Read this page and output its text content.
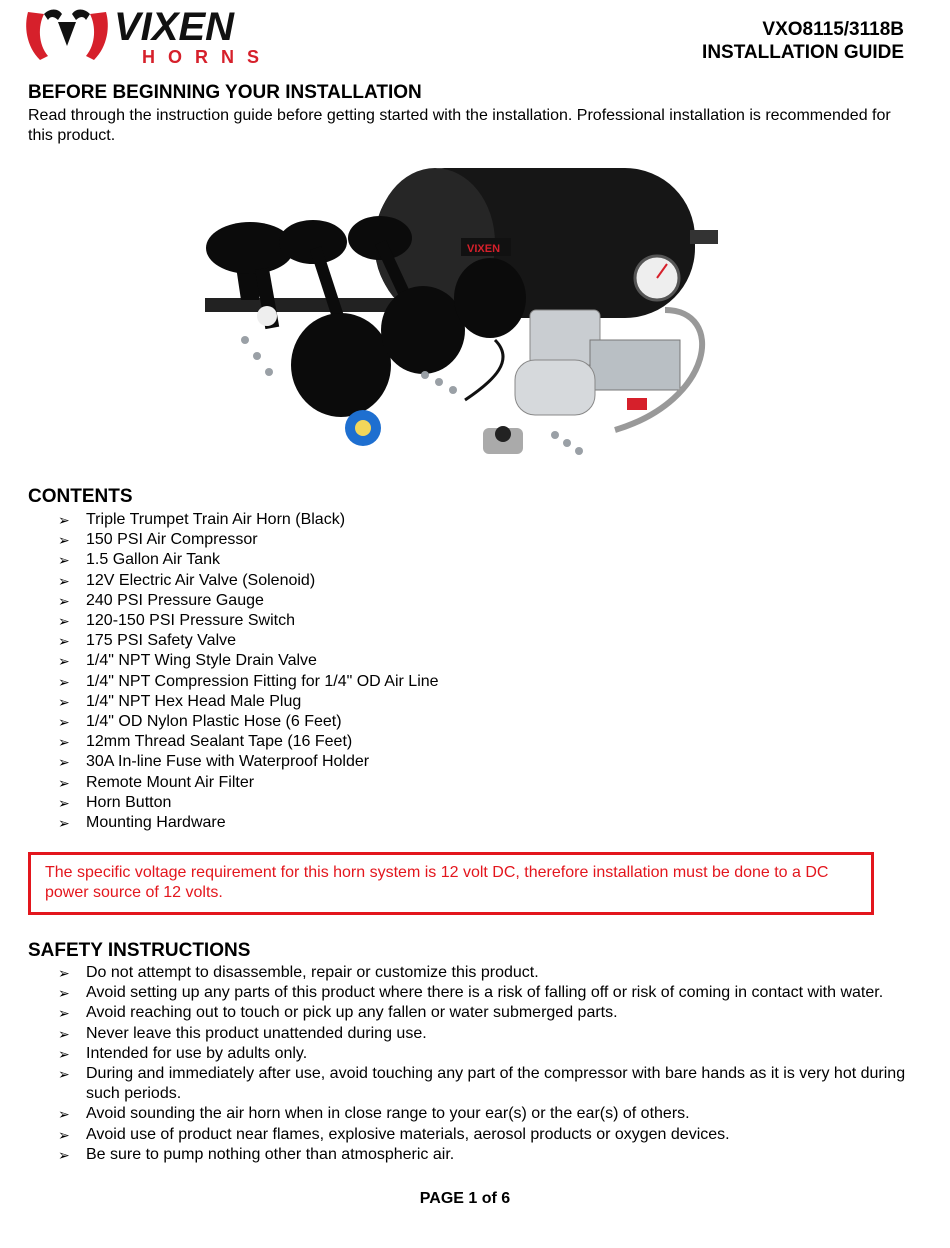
VIXEN
HORNS
VXO8115/3118B
INSTALLATION GUIDE
BEFORE BEGINNING YOUR INSTALLATION
Read through the instruction guide before getting started with the installation. Professional installation is recommended for this product.
VIXEN
CONTENTS
➢ Triple Trumpet Train Air Horn (Black)
➢ 150 PSI Air Compressor
➢ 1.5 Gallon Air Tank
➢ 12V Electric Air Valve (Solenoid)
➢ 240 PSI Pressure Gauge
➢ 120-150 PSI Pressure Switch
➢ 175 PSI Safety Valve
➢ 1/4" NPT Wing Style Drain Valve
➢ 1/4" NPT Compression Fitting for 1/4" OD Air Line
➢ 1/4" NPT Hex Head Male Plug
➢ 1/4" OD Nylon Plastic Hose (6 Feet)
➢ 12mm Thread Sealant Tape (16 Feet)
➢ 30A In-line Fuse with Waterproof Holder
➢ Remote Mount Air Filter
➢ Horn Button
➢ Mounting Hardware
The specific voltage requirement for this horn system is 12 volt DC, therefore installation must be done to a DC power source of 12 volts.
SAFETY INSTRUCTIONS
➢ Do not attempt to disassemble, repair or customize this product.
➢ Avoid setting up any parts of this product where there is a risk of falling off or risk of coming in contact with water.
➢ Avoid reaching out to touch or pick up any fallen or water submerged parts.
➢ Never leave this product unattended during use.
➢ Intended for use by adults only.
➢ During and immediately after use, avoid touching any part of the compressor with bare hands as it is very hot during such periods.
➢ Avoid sounding the air horn when in close range to your ear(s) or the ear(s) of others.
➢ Avoid use of product near flames, explosive materials, aerosol products or oxygen devices.
➢ Be sure to pump nothing other than atmospheric air.
PAGE 1 of 6
